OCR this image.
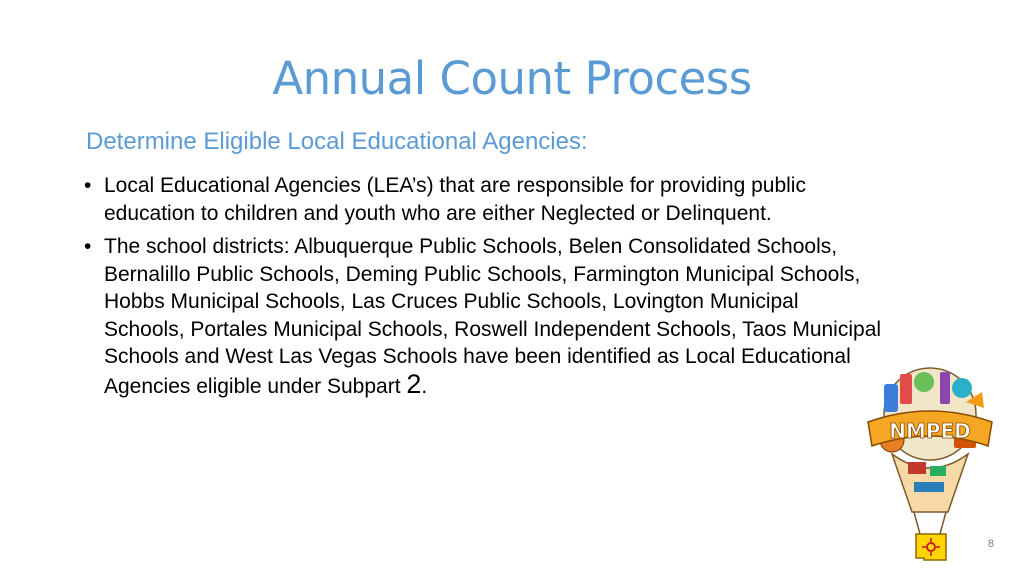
Annual Count Process

Determine Eligible Local Educational Agencies:

• Local Educational Agencies (LEA’s) that are responsible for providing public education to children and youth who are either Neglected or Delinquent.
• The school districts: Albuquerque Public Schools, Belen Consolidated Schools, Bernalillo Public Schools, Deming Public Schools, Farmington Municipal Schools, Hobbs Municipal Schools, Las Cruces Public Schools, Lovington Municipal Schools, Portales Municipal Schools, Roswell Independent Schools, Taos Municipal Schools and West Las Vegas Schools have been identified as Local Educational Agencies eligible under Subpart 2.
NMPED
8
